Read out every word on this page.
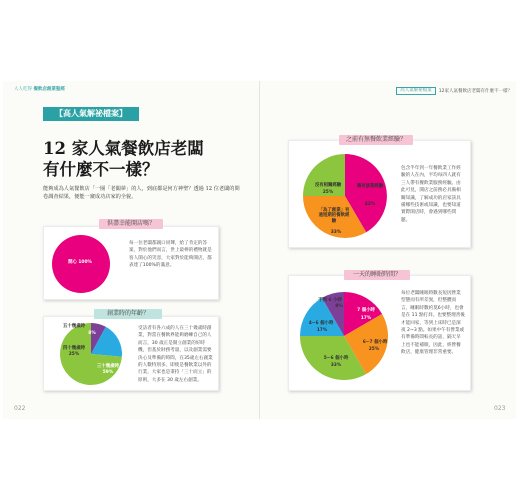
人人吃得 餐飲店創業聖經	高人氣解祕檔案	12家人氣餐飲店老闆有什麼不一樣？
【高人氣解祕檔案】
12 家人氣餐飲店老闆
有什麼不一樣？
能夠成為人氣餐飲店「一圈「老闆夢」的人，到底都是何方神聖？透過 12 位老闆的問卷調查結果，便能一窺成功店家的全貌。
供盡幸能開店嗎？
開心 100%
每一位老闆都親口同聲，給了肯定的答案，對於他們而言，世上最棒的禮物就是客人開心的笑容，大家對於能夠開店，都表達了100%的滿意。
創業時的年齡？
五十幾歲時
四十幾歲時
三十幾歲時
8%
25%
59%
受訪者有各六成的人在三十幾歲時創業，對當在餐飲界能夠磨練自己的人而言，30 歲正是開立創業的好時機，但基於財務考量，以及創業需要決心及準備的時間，在35歲左右創業的人數特別多。即使是餐飲業以外的行業，大家也是秉持「三十而立」的原則，大多在 30 歲左右創業。
之前有無餐飲業經驗？
沒有相關經驗
25%
擁有該業經驗
42%
「為了創業」有過短期的餐飲經驗
33%
包含半年到一年餐飲業工作經驗的人在內，平均每四人就有三人帶有餐飲業服務經驗。由此可見，開店之前務必具備相關知識，了解成功的店家該具備哪些技術或知識，也要知道實際開店時，會遇到哪些問題。
一天的睡眠時間？
不到 6 小時
8%
7 個小時
17%
4~6 個小時
17%
6~7 個小時
25%
5~6 個小時
33%
每位老闆睡眠時數長短因營業型態而有所差異，但整體而言，睡眠時數約莫6小時，也會是在 11 點打烊。也要整理善後才能回家，等到上床時已是深夜 2~3 點。如果中午有營業或有準備時間較長的話，隔天早上也不能補眠，因此，經營餐飲店，健康管理非常重要。
022	023
